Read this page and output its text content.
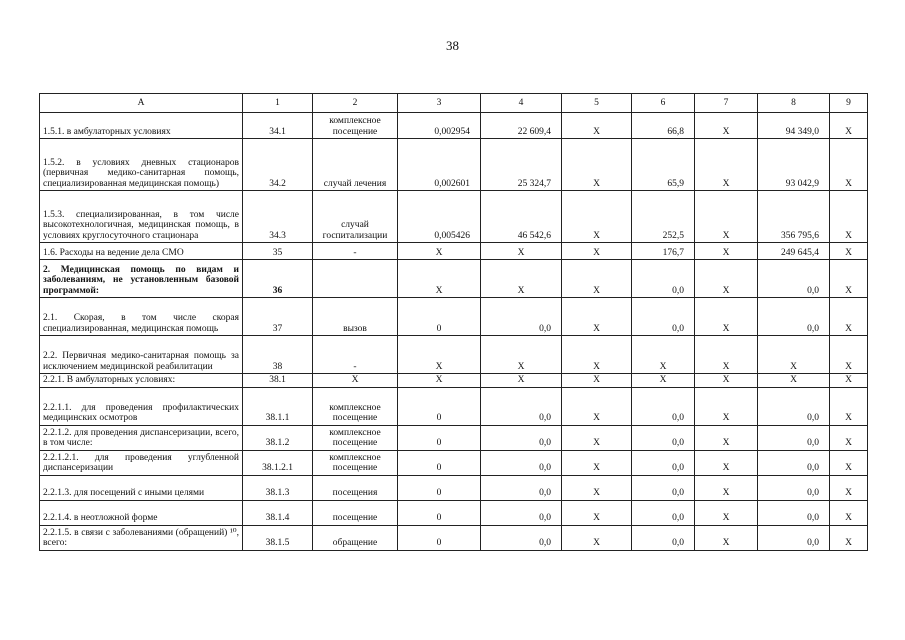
38
А	1	2	3	4	5	6	7	8	9
1.5.1. в амбулаторных условиях	34.1	комплексное посещение	0,002954	22 609,4	Х	66,8	Х	94 349,0	Х
1.5.2. в условиях дневных стационаров (первичная медико-санитарная помощь, специализированная медицинская помощь)	34.2	случай лечения	0,002601	25 324,7	Х	65,9	Х	93 042,9	Х
1.5.3. специализированная, в том числе высокотехнологичная, медицинская помощь, в условиях круглосуточного стационара	34.3	случай госпитализации	0,005426	46 542,6	Х	252,5	Х	356 795,6	Х
1.6. Расходы на ведение дела СМО	35	-	Х	Х	Х	176,7	Х	249 645,4	Х
2. Медицинская помощь по видам и заболеваниям, не установленным базовой программой:	36		Х	Х	Х	0,0	Х	0,0	Х
2.1. Скорая, в том числе скорая специализированная, медицинская помощь	37	вызов	0	0,0	Х	0,0	Х	0,0	Х
2.2. Первичная медико-санитарная помощь за исключением медицинской реабилитации	38	-	Х	Х	Х	Х	Х	Х	Х
2.2.1. В амбулаторных условиях:	38.1	Х	Х	Х	Х	Х	Х	Х	Х
2.2.1.1. для проведения профилактических медицинских осмотров	38.1.1	комплексное посещение	0	0,0	Х	0,0	Х	0,0	Х
2.2.1.2. для проведения диспансеризации, всего, в том числе:	38.1.2	комплексное посещение	0	0,0	Х	0,0	Х	0,0	Х
2.2.1.2.1. для проведения углубленной диспансеризации	38.1.2.1	комплексное посещение	0	0,0	Х	0,0	Х	0,0	Х
2.2.1.3. для посещений с иными целями	38.1.3	посещения	0	0,0	Х	0,0	Х	0,0	Х
2.2.1.4. в неотложной форме	38.1.4	посещение	0	0,0	Х	0,0	Х	0,0	Х
2.2.1.5. в связи с заболеваниями (обращений) ¹⁰, всего:	38.1.5	обращение	0	0,0	Х	0,0	Х	0,0	Х
